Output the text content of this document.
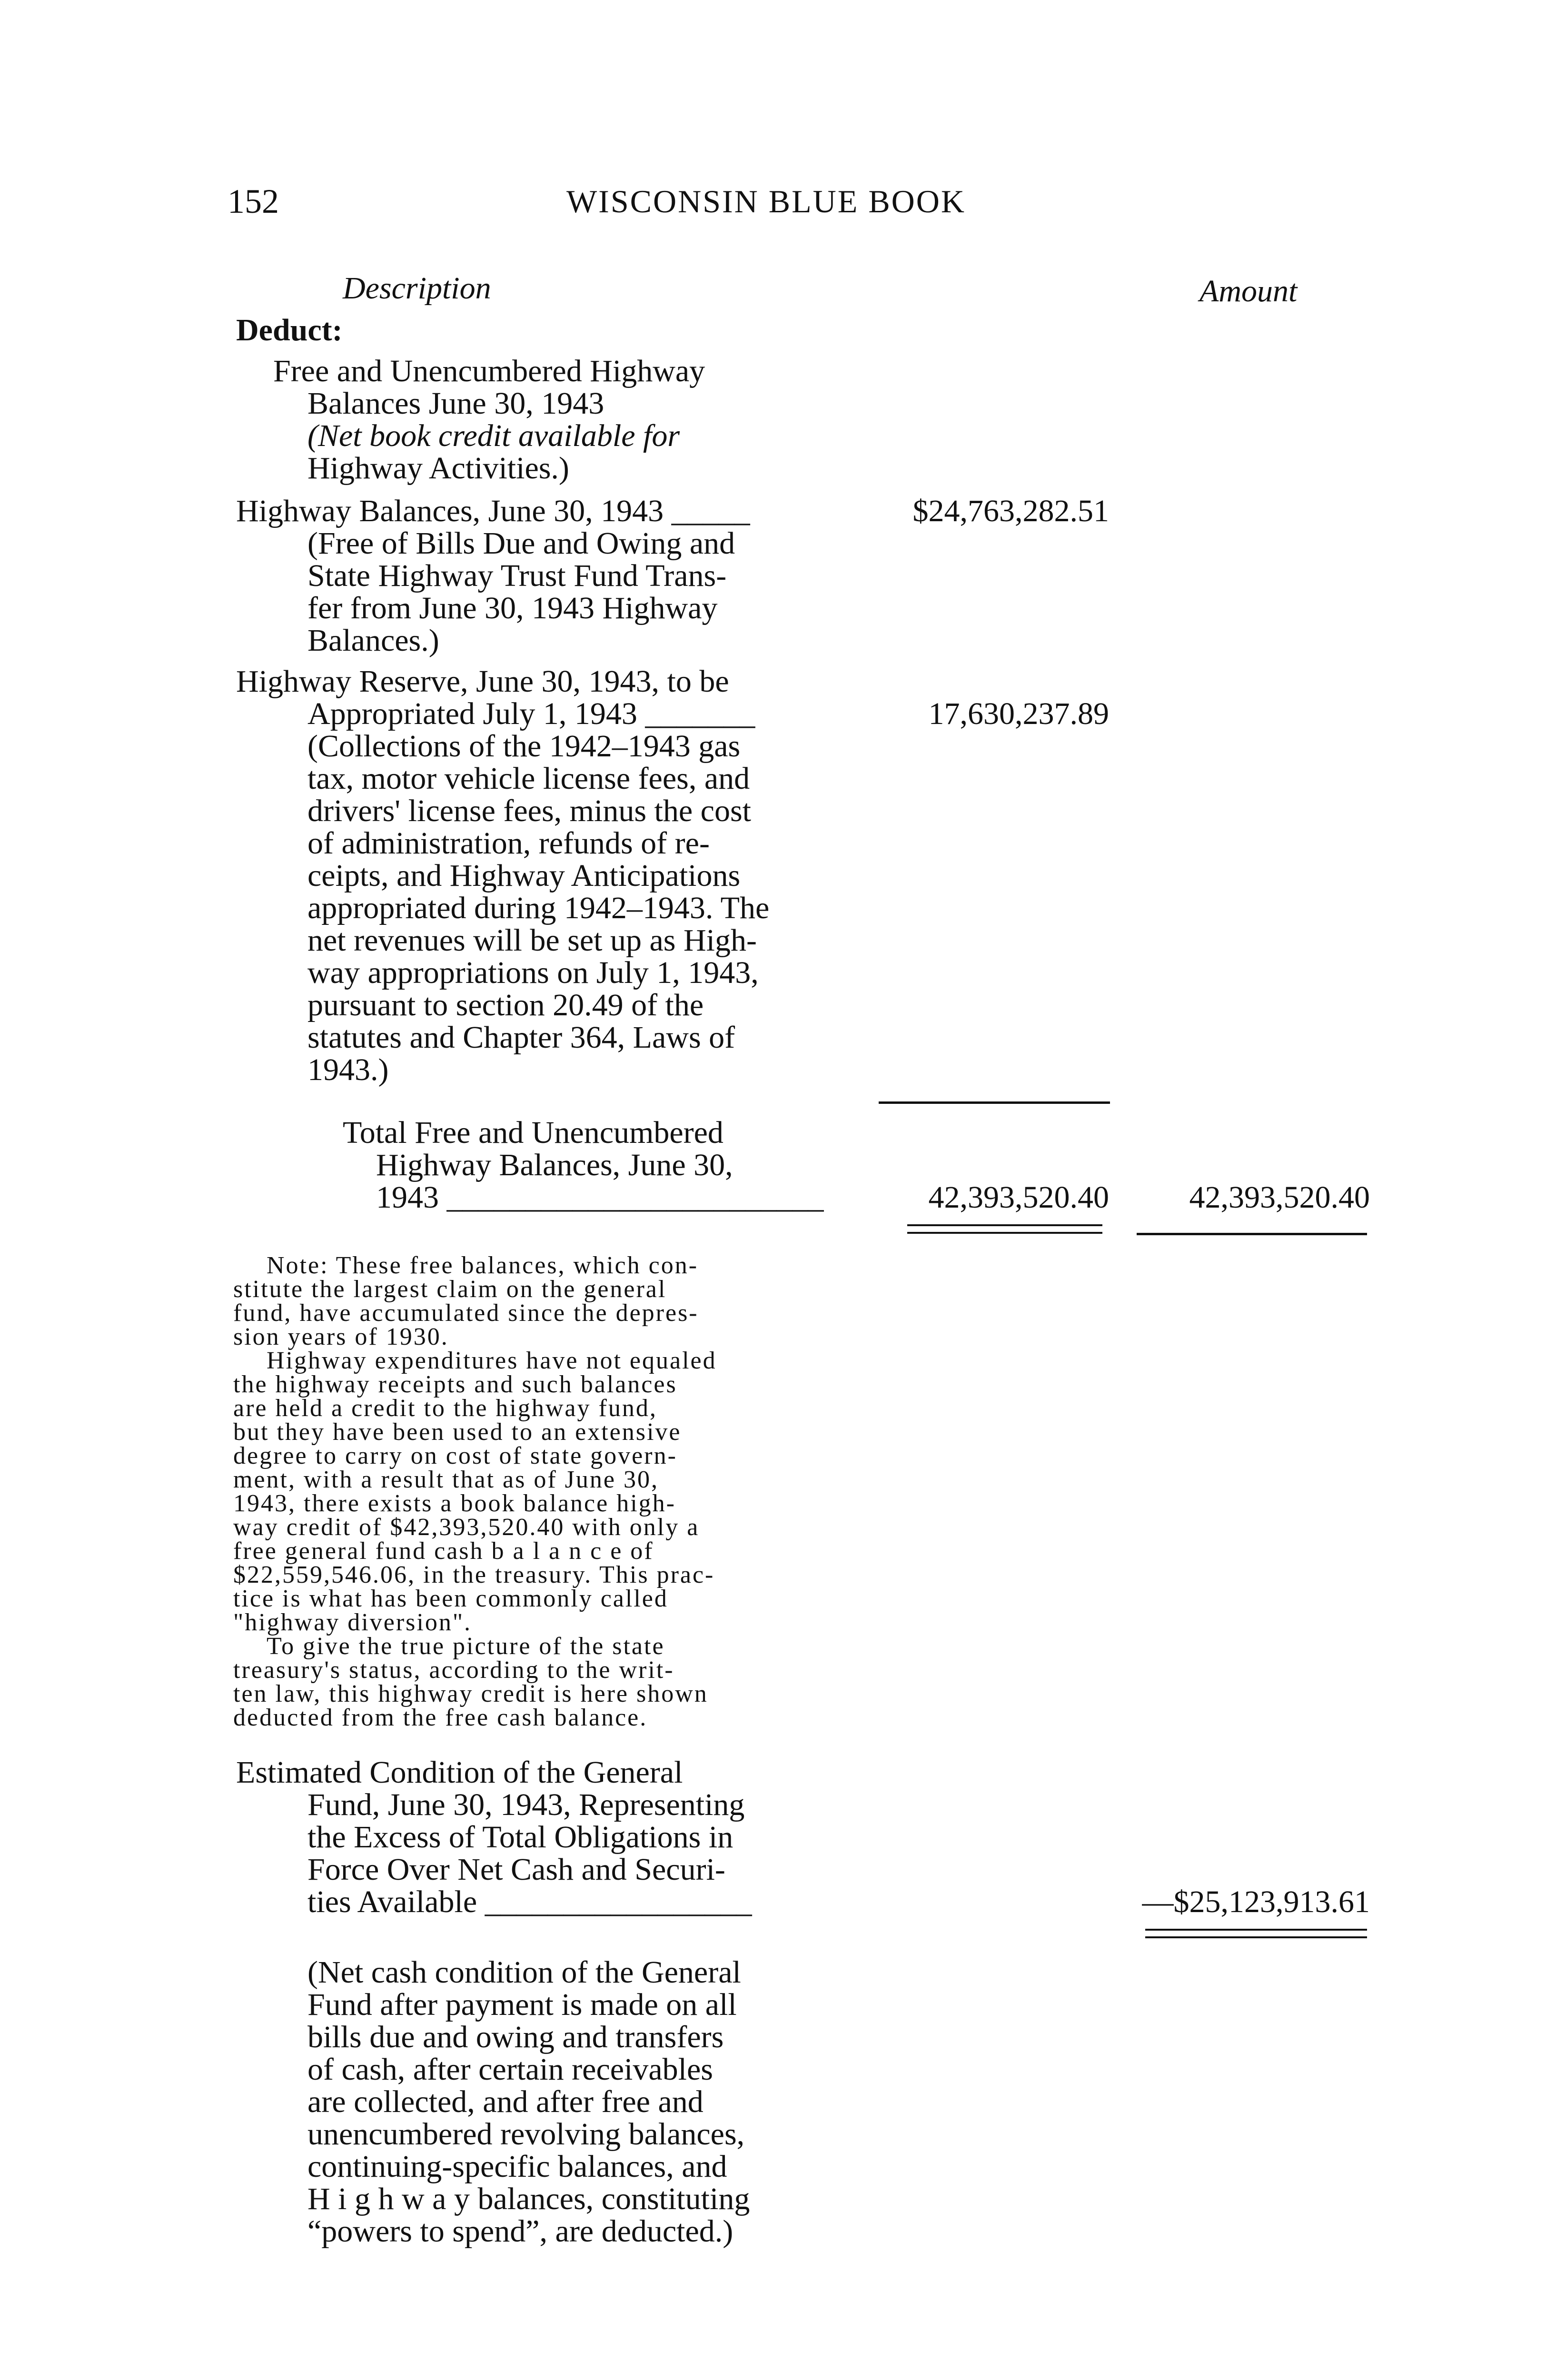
152	WISCONSIN BLUE BOOK
Description	Amount
Deduct:
Free and Unencumbered Highway
Balances June 30, 1943
(Net book credit available for
Highway Activities.)
Highway Balances, June 30, 1943 _____	$24,763,282.51
(Free of Bills Due and Owing and
State Highway Trust Fund Trans-
fer from June 30, 1943 Highway
Balances.)
Highway Reserve, June 30, 1943, to be
Appropriated July 1, 1943 _______	17,630,237.89
(Collections of the 1942–1943 gas
tax, motor vehicle license fees, and
drivers' license fees, minus the cost
of administration, refunds of re-
ceipts, and Highway Anticipations
appropriated during 1942–1943. The
net revenues will be set up as High-
way appropriations on July 1, 1943,
pursuant to section 20.49 of the
statutes and Chapter 364, Laws of
1943.)
Total Free and Unencumbered
Highway Balances, June 30,
1943 ________________________	42,393,520.40	42,393,520.40
Note: These free balances, which con-
stitute the largest claim on the general
fund, have accumulated since the depres-
sion years of 1930.
Highway expenditures have not equaled
the highway receipts and such balances
are held a credit to the highway fund,
but they have been used to an extensive
degree to carry on cost of state govern-
ment, with a result that as of June 30,
1943, there exists a book balance high-
way credit of $42,393,520.40 with only a
free general fund cash b a l a n c e of
$22,559,546.06, in the treasury. This prac-
tice is what has been commonly called
"highway diversion".
To give the true picture of the state
treasury's status, according to the writ-
ten law, this highway credit is here shown
deducted from the free cash balance.
Estimated Condition of the General
Fund, June 30, 1943, Representing
the Excess of Total Obligations in
Force Over Net Cash and Securi-
ties Available _________________	—$25,123,913.61
(Net cash condition of the General
Fund after payment is made on all
bills due and owing and transfers
of cash, after certain receivables
are collected, and after free and
unencumbered revolving balances,
continuing-specific balances, and
H i g h w a y balances, constituting
“powers to spend”, are deducted.)
